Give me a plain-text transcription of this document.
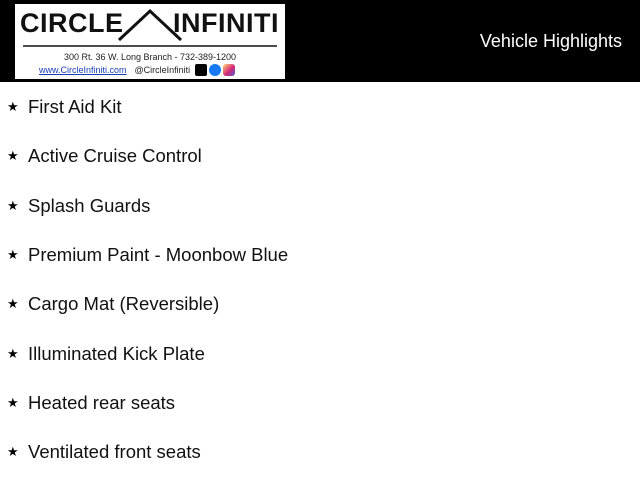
CIRCLE INFINITI
300 Rt. 36 W. Long Branch - 732-389-1200
www.CircleInfiniti.com @CircleInfiniti
Vehicle Highlights
★ First Aid Kit
★ Active Cruise Control
★ Splash Guards
★ Premium Paint - Moonbow Blue
★ Cargo Mat (Reversible)
★ Illuminated Kick Plate
★ Heated rear seats
★ Ventilated front seats
